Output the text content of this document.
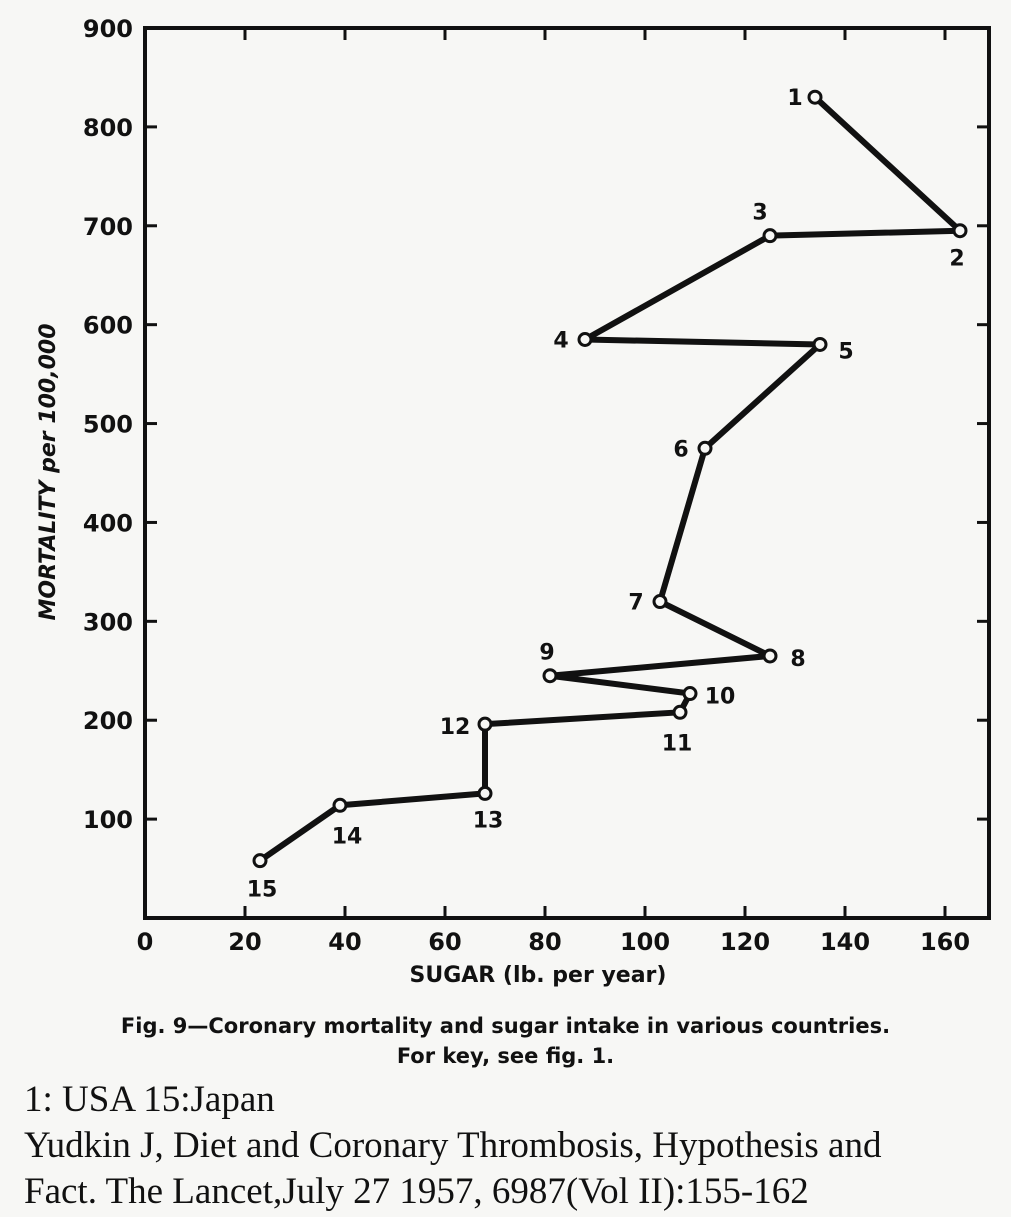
0	20	40	60	80 100 120 140 160
100
200
300
400
500
600
700
800
900
1
2
3
4	5
6
7
8
9
10
11
12
13
14
15
SUGAR (lb. per year)
MORTALITY per 100,000
Fig. 9—Coronary mortality and sugar intake in various countries.
For key, see fig. 1.
1: USA 15:Japan
Yudkin J, Diet and Coronary Thrombosis, Hypothesis and
Fact. The Lancet,July 27 1957, 6987(Vol II):155-162
